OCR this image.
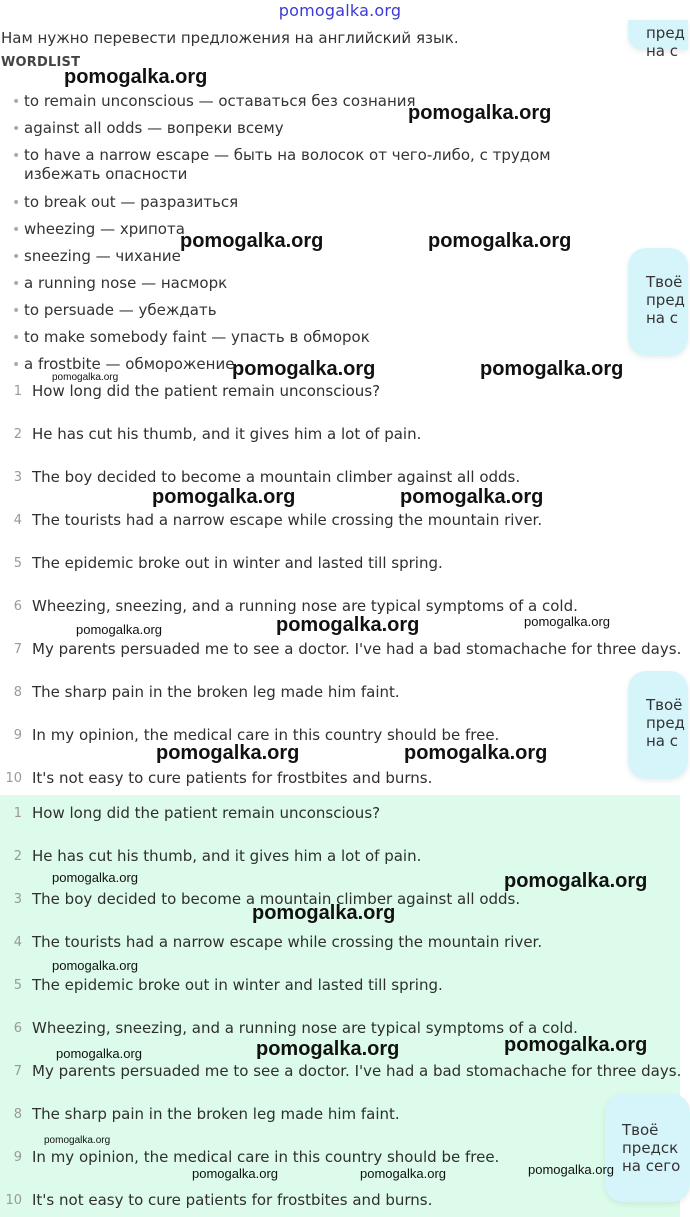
pomogalka.org
Нам нужно перевести предложения на английский язык.
WORDLIST
• to remain unconscious — оставаться без сознания
• against all odds — вопреки всему
• to have a narrow escape — быть на волосок от чего-либо, с трудом избежать опасности
• to break out — разразиться
• wheezing — хрипота
• sneezing — чихание
• a running nose — насморк
• to persuade — убеждать
• to make somebody faint — упасть в обморок
• a frostbite — обморожение
1 How long did the patient remain unconscious?
2 He has cut his thumb, and it gives him a lot of pain.
3 The boy decided to become a mountain climber against all odds.
4 The tourists had a narrow escape while crossing the mountain river.
5 The epidemic broke out in winter and lasted till spring.
6 Wheezing, sneezing, and a running nose are typical symptoms of a cold.
7 My parents persuaded me to see a doctor. I've had a bad stomachache for three days.
8 The sharp pain in the broken leg made him faint.
9 In my opinion, the medical care in this country should be free.
10 It's not easy to cure patients for frostbites and burns.
1 How long did the patient remain unconscious?
2 He has cut his thumb, and it gives him a lot of pain.
3 The boy decided to become a mountain climber against all odds.
4 The tourists had a narrow escape while crossing the mountain river.
5 The epidemic broke out in winter and lasted till spring.
6 Wheezing, sneezing, and a running nose are typical symptoms of a cold.
7 My parents persuaded me to see a doctor. I've had a bad stomachache for three days.
8 The sharp pain in the broken leg made him faint.
9 In my opinion, the medical care in this country should be free.
10 It's not easy to cure patients for frostbites and burns.
пред
на с
Твоё
пред
на с
Твоё
пред
на с
Твоё
предск
на сего
pomogalka.org
pomogalka.org
pomogalka.org	pomogalka.org
pomogalka.org	pomogalka.org	pomogalka.org
pomogalka.org	pomogalka.org
pomogalka.org	pomogalka.org	pomogalka.org
pomogalka.org	pomogalka.org
pomogalka.org	pomogalka.org
pomogalka.org
pomogalka.org
pomogalka.org	pomogalka.org	pomogalka.org
pomogalka.org
pomogalka.org	pomogalka.org	pomogalka.org
